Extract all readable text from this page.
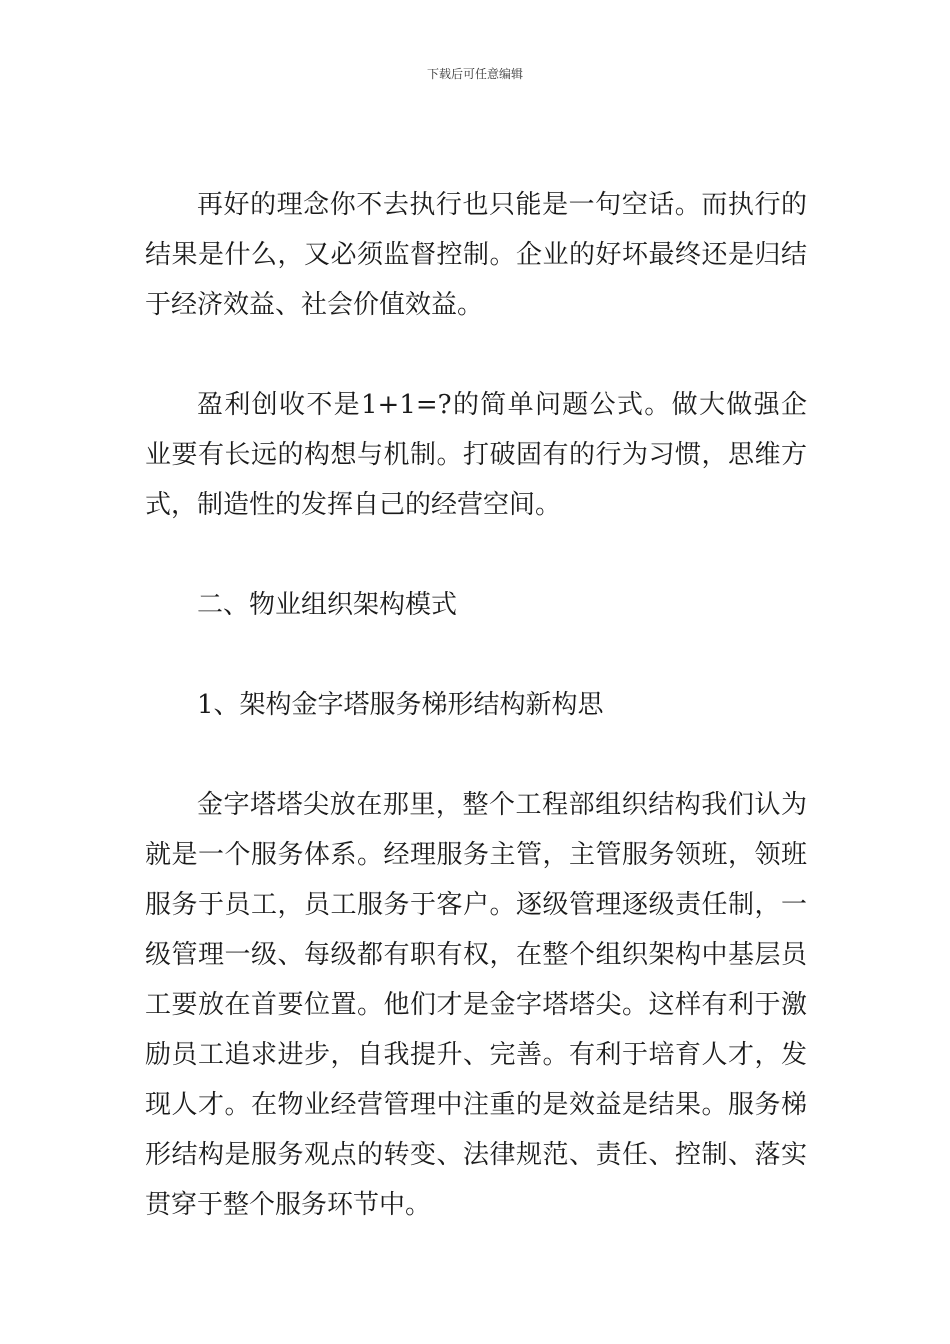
下载后可任意编辑

再好的理念你不去执行也只能是一句空话。而执行的结果是什么，又必须监督控制。企业的好坏最终还是归结于经济效益、社会价值效益。

盈利创收不是1+1=?的简单问题公式。做大做强企业要有长远的构想与机制。打破固有的行为习惯，思维方式，制造性的发挥自己的经营空间。

二、物业组织架构模式

1、架构金字塔服务梯形结构新构思

金字塔塔尖放在那里，整个工程部组织结构我们认为就是一个服务体系。经理服务主管，主管服务领班，领班服务于员工，员工服务于客户。逐级管理逐级责任制，一级管理一级、每级都有职有权，在整个组织架构中基层员工要放在首要位置。他们才是金字塔塔尖。这样有利于激励员工追求进步，自我提升、完善。有利于培育人才，发现人才。在物业经营管理中注重的是效益是结果。服务梯形结构是服务观点的转变、法律规范、责任、控制、落实贯穿于整个服务环节中。
